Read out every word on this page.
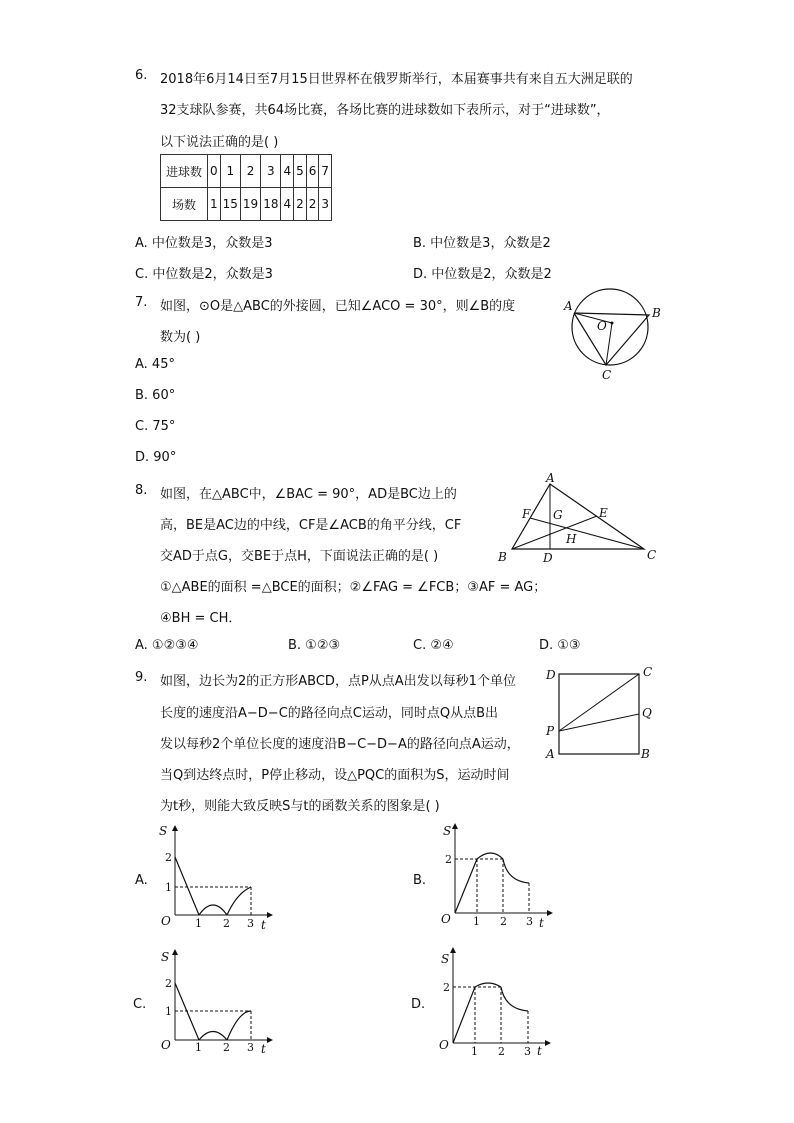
6. 2018年6月14日至7月15日世界杯在俄罗斯举行，本届赛事共有来自五大洲足联的
32支球队参赛，共64场比赛，各场比赛的进球数如下表所示，对于“进球数”，
以下说法正确的是( )
进球数	0	1	2	3	4	5	6	7
场数	1	15	19	18	4	2	2	3
A. 中位数是3，众数是3	B. 中位数是3，众数是2
C. 中位数是2，众数是3	D. 中位数是2，众数是2
7. 如图，⊙O是△ABC的外接圆，已知∠ACO = 30°，则∠B的度
数为( )
A. 45°
B. 60°
C. 75°
D. 90°
A	B
C
O
8. 如图，在△ABC中，∠BAC = 90°，AD是BC边上的
高，BE是AC边的中线，CF是∠ACB的角平分线，CF
交AD于点G，交BE于点H，下面说法正确的是( )
①△ABE的面积 =△BCE的面积；②∠FAG = ∠FCB；③AF = AG；
④BH = CH．
A. ①②③④	B. ①②③	C. ②④	D. ①③
A
B	C
D
E
F G
H
9. 如图，边长为2的正方形ABCD，点P从点A出发以每秒1个单位
长度的速度沿A−D−C的路径向点C运动，同时点Q从点B出
发以每秒2个单位长度的速度沿B−C−D−A的路径向点A运动，
当Q到达终点时，P停止移动，设△PQC的面积为S，运动时间
为t秒，则能大致反映S与t的函数关系的图象是( )
D	C
P
Q
A	B
A.
S
t
O
2
1
1 2 3
B.
S
t
O
2
1 2 3
C.
S
t
O
2
1
1 2 3
D.
S
t
O
2
1 2 3
